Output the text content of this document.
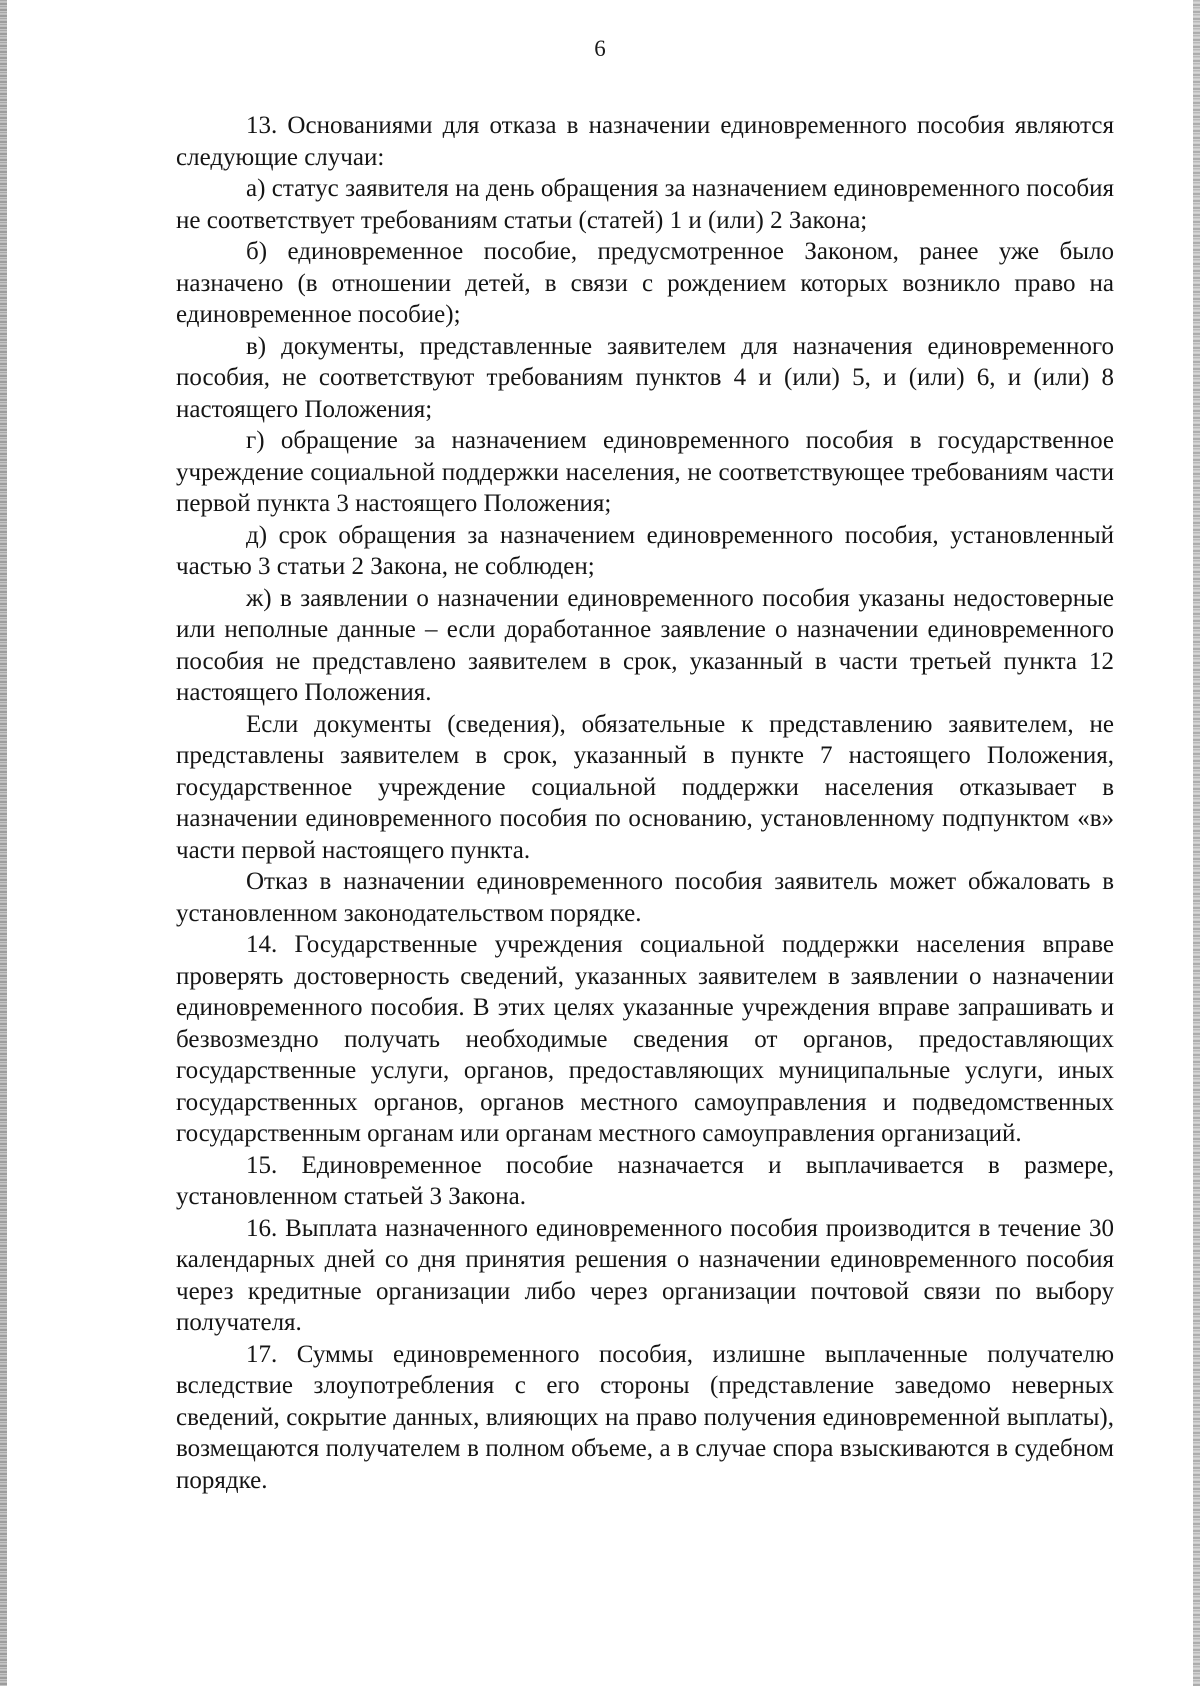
6

13. Основаниями для отказа в назначении единовременного пособия являются следующие случаи:

а) статус заявителя на день обращения за назначением единовременного пособия не соответствует требованиям статьи (статей) 1 и (или) 2 Закона;

б) единовременное пособие, предусмотренное Законом, ранее уже было назначено (в отношении детей, в связи с рождением которых возникло право на единовременное пособие);

в) документы, представленные заявителем для назначения единовременного пособия, не соответствуют требованиям пунктов 4 и (или) 5, и (или) 6, и (или) 8 настоящего Положения;

г) обращение за назначением единовременного пособия в государственное учреждение социальной поддержки населения, не соответствующее требованиям части первой пункта 3 настоящего Положения;

д) срок обращения за назначением единовременного пособия, установленный частью 3 статьи 2 Закона, не соблюден;

ж) в заявлении о назначении единовременного пособия указаны недостоверные или неполные данные – если доработанное заявление о назначении единовременного пособия не представлено заявителем в срок, указанный в части третьей пункта 12 настоящего Положения.

Если документы (сведения), обязательные к представлению заявителем, не представлены заявителем в срок, указанный в пункте 7 настоящего Положения, государственное учреждение социальной поддержки населения отказывает в назначении единовременного пособия по основанию, установленному подпунктом «в» части первой настоящего пункта.

Отказ в назначении единовременного пособия заявитель может обжаловать в установленном законодательством порядке.

14. Государственные учреждения социальной поддержки населения вправе проверять достоверность сведений, указанных заявителем в заявлении о назначении единовременного пособия. В этих целях указанные учреждения вправе запрашивать и безвозмездно получать необходимые сведения от органов, предоставляющих государственные услуги, органов, предоставляющих муниципальные услуги, иных государственных органов, органов местного самоуправления и подведомственных государственным органам или органам местного самоуправления организаций.

15. Единовременное пособие назначается и выплачивается в размере, установленном статьей 3 Закона.

16. Выплата назначенного единовременного пособия производится в течение 30 календарных дней со дня принятия решения о назначении единовременного пособия через кредитные организации либо через организации почтовой связи по выбору получателя.

17. Суммы единовременного пособия, излишне выплаченные получателю вследствие злоупотребления с его стороны (представление заведомо неверных сведений, сокрытие данных, влияющих на право получения единовременной выплаты), возмещаются получателем в полном объеме, а в случае спора взыскиваются в судебном порядке.
